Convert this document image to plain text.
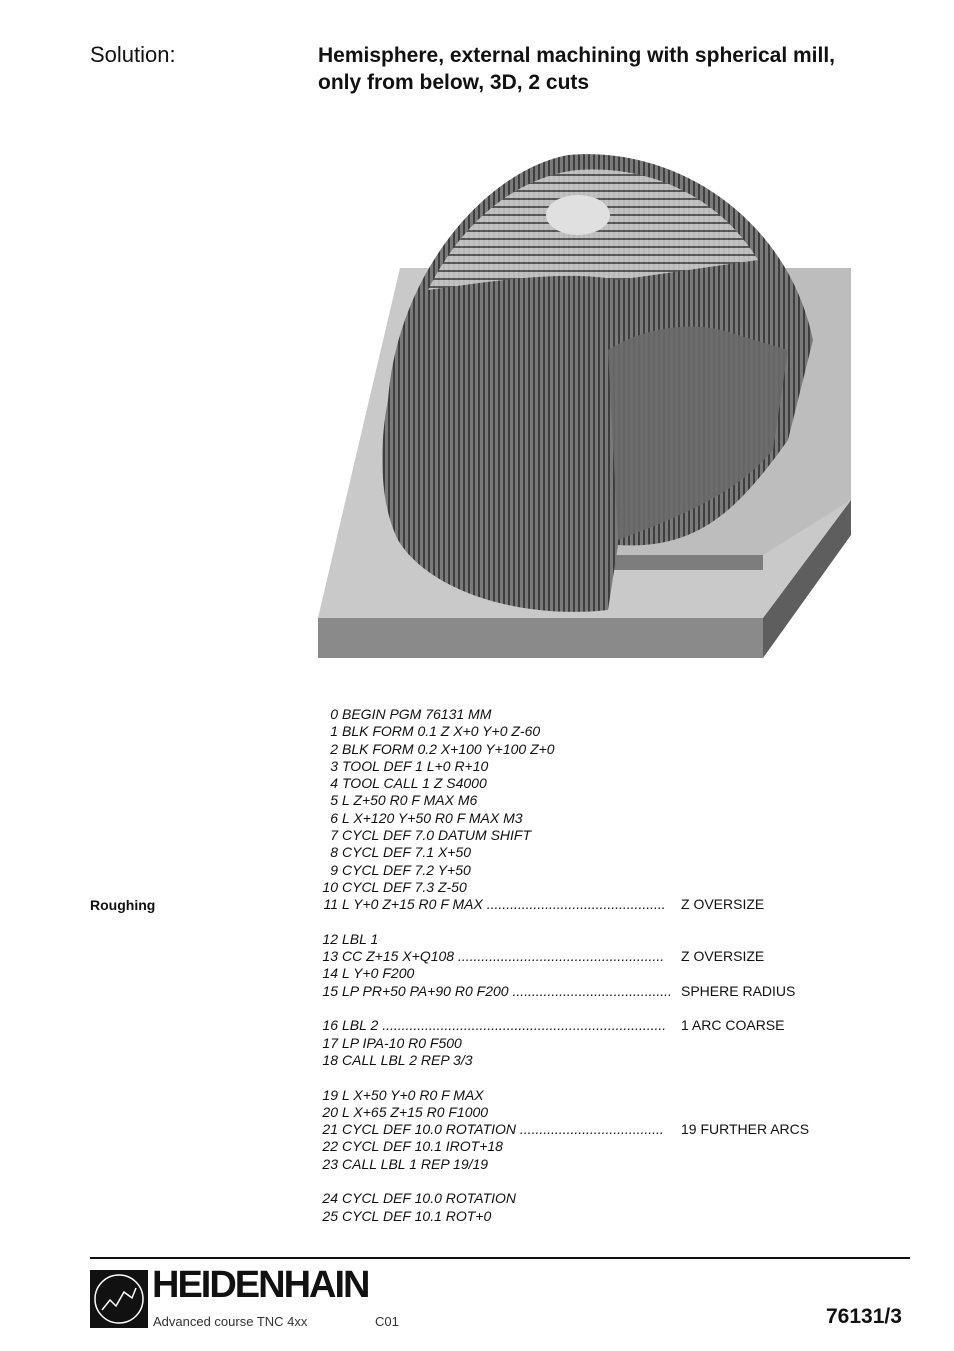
Solution:	Hemisphere, external machining with spherical mill,
only from below, 3D, 2 cuts
Roughing
0 BEGIN PGM 76131 MM
1 BLK FORM 0.1 Z X+0 Y+0 Z-60
2 BLK FORM 0.2 X+100 Y+100 Z+0
3 TOOL DEF 1 L+0 R+10
4 TOOL CALL 1 Z S4000
5 L Z+50 R0 F MAX M6
6 L X+120 Y+50 R0 F MAX M3
7 CYCL DEF 7.0 DATUM SHIFT
8 CYCL DEF 7.1 X+50
9 CYCL DEF 7.2 Y+50
10 CYCL DEF 7.3 Z-50
11 L Y+0 Z+15 R0 F MAX .............................................. Z OVERSIZE
12 LBL 1
13 CC Z+15 X+Q108 ..................................................... Z OVERSIZE
14 L Y+0 F200
15 LP PR+50 PA+90 R0 F200 ......................................... SPHERE RADIUS
16 LBL 2 ......................................................................... 1 ARC COARSE
17 LP IPA-10 R0 F500
18 CALL LBL 2 REP 3/3
19 L X+50 Y+0 R0 F MAX
20 L X+65 Z+15 R0 F1000
21 CYCL DEF 10.0 ROTATION ..................................... 19 FURTHER ARCS
22 CYCL DEF 10.1 IROT+18
23 CALL LBL 1 REP 19/19
24 CYCL DEF 10.0 ROTATION
25 CYCL DEF 10.1 ROT+0
HEIDENHAIN
Advanced course TNC 4xx	C01	76131/3
